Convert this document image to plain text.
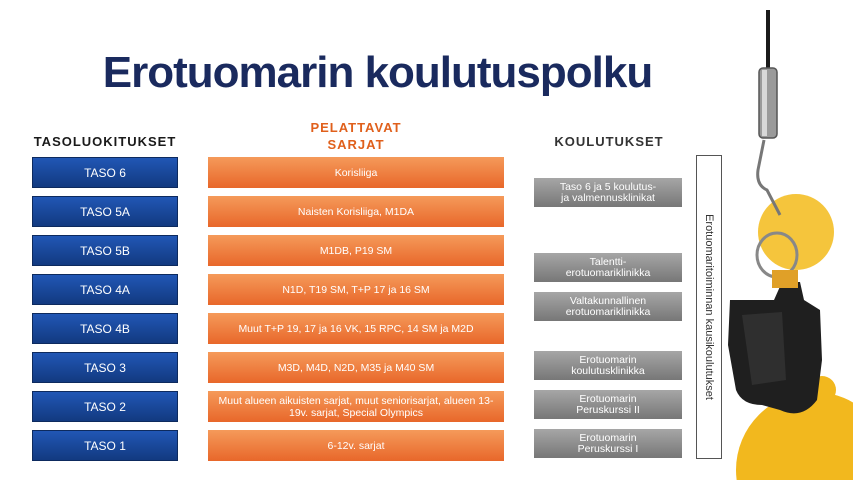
Erotuomarin koulutuspolku
TASOLUOKITUKSET
PELATTAVAT
SARJAT	KOULUTUKSET
TASO 6
TASO 5A
TASO 5B
TASO 4A
TASO 4B
TASO 3
TASO 2
TASO 1
Korisliiga
Naisten Korisliiga, M1DA
M1DB, P19 SM
N1D, T19 SM, T+P 17 ja 16 SM
Muut T+P 19, 17 ja 16 VK, 15 RPC, 14 SM ja M2D
M3D, M4D, N2D, M35 ja M40 SM
Muut alueen aikuisten sarjat, muut seniorisarjat, alueen 13-19v. sarjat, Special Olympics
6-12v. sarjat
Taso 6 ja 5 koulutus-
ja valmennusklinikat
Talentti-
erotuomariklinikka
Valtakunnallinen
erotuomariklinikka
Erotuomarin
koulutusklinikka
Erotuomarin
Peruskurssi II
Erotuomarin
Peruskurssi I
Erotuomaritoiminnan kausikoulutukset
